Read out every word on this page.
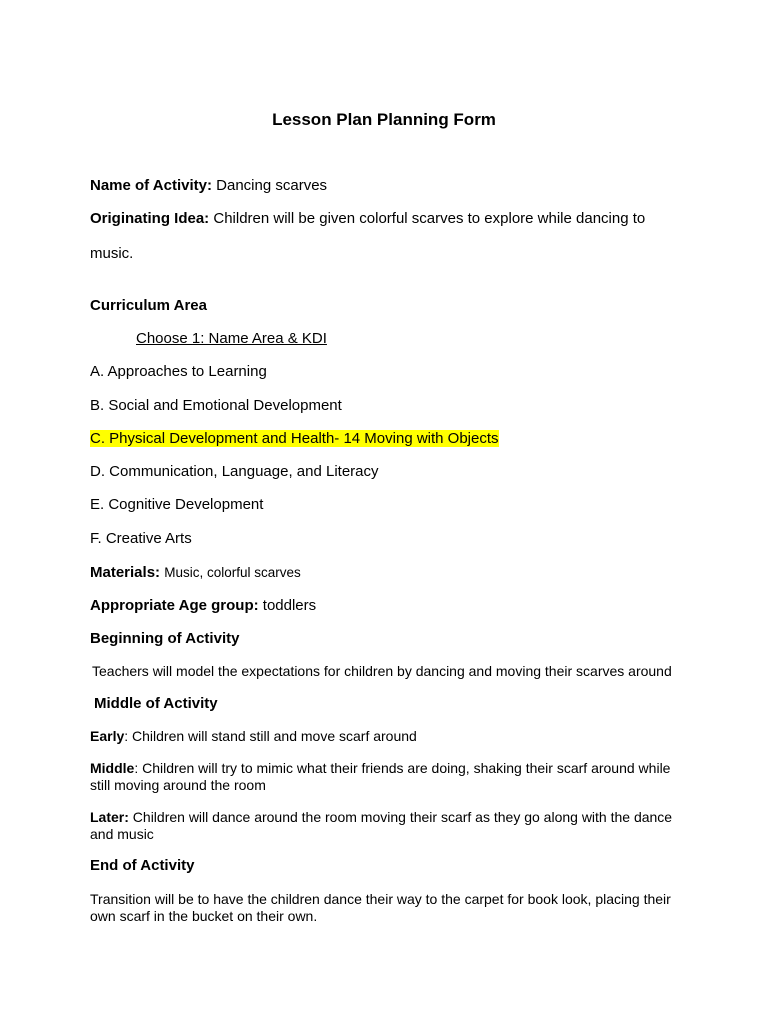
Lesson Plan Planning Form
Name of Activity: Dancing scarves
Originating Idea: Children will be given colorful scarves to explore while dancing to
music.
Curriculum Area
Choose 1: Name Area & KDI
A. Approaches to Learning
B. Social and Emotional Development
C. Physical Development and Health- 14 Moving with Objects
D. Communication, Language, and Literacy
E. Cognitive Development
F. Creative Arts
Materials: Music, colorful scarves
Appropriate Age group: toddlers
Beginning of Activity
Teachers will model the expectations for children by dancing and moving their scarves around
Middle of Activity
Early: Children will stand still and move scarf around
Middle: Children will try to mimic what their friends are doing, shaking their scarf around while still moving around the room
Later: Children will dance around the room moving their scarf as they go along with the dance and music
End of Activity
Transition will be to have the children dance their way to the carpet for book look, placing their own scarf in the bucket on their own.
